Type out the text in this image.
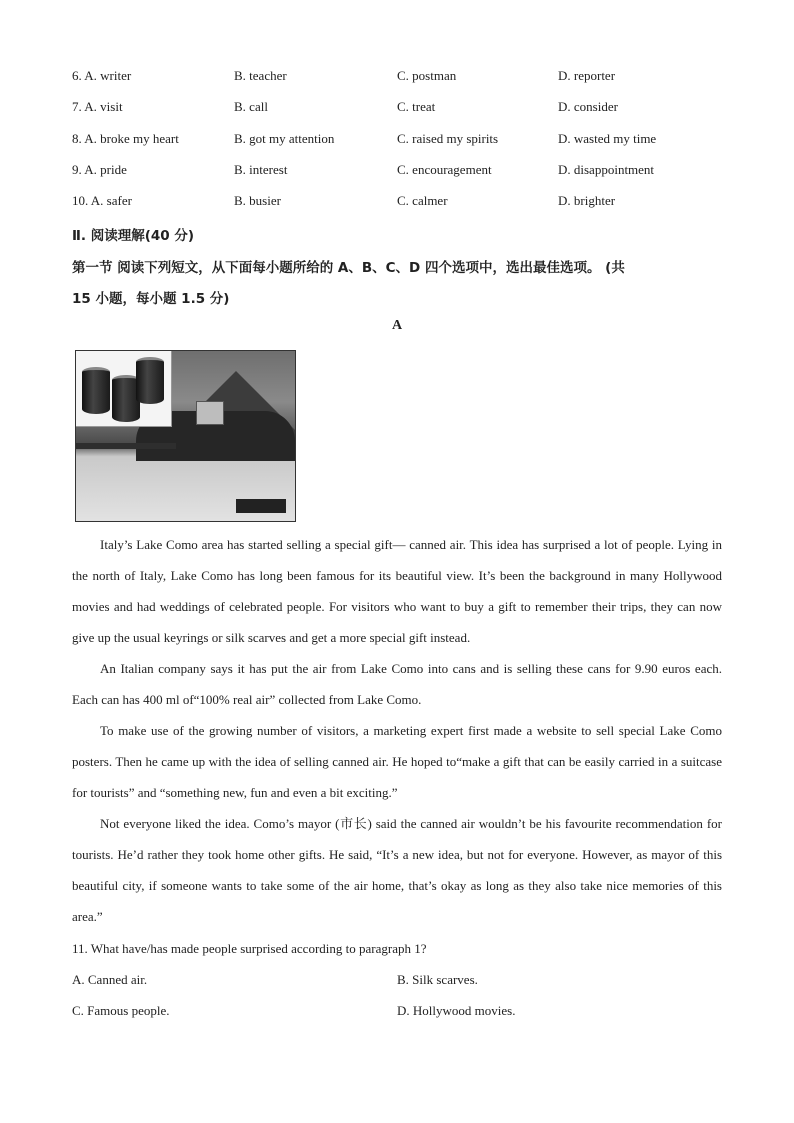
6. A. writer	B. teacher	C. postman	D. reporter
7. A. visit	B. call	C. treat	D. consider
8. A. broke my heart	B. got my attention	C. raised my spirits	D. wasted my time
9. A. pride	B. interest	C. encouragement	D. disappointment
10. A. safer	B. busier	C. calmer	D. brighter
Ⅱ. 阅读理解(40 分)
第一节 阅读下列短文，从下面每小题所给的 A、B、C、D 四个选项中，选出最佳选项。 (共
15 小题，每小题 1.5 分)
A

Italy’s Lake Como area has started selling a special gift— canned air. This idea has surprised a lot of people. Lying in the north of Italy, Lake Como has long been famous for its beautiful view. It’s been the background in many Hollywood movies and had weddings of celebrated people. For visitors who want to buy a gift to remember their trips, they can now give up the usual keyrings or silk scarves and get a more special gift instead.

An Italian company says it has put the air from Lake Como into cans and is selling these cans for 9.90 euros each. Each can has 400 ml of“100% real air” collected from Lake Como.

To make use of the growing number of visitors, a marketing expert first made a website to sell special Lake Como posters. Then he came up with the idea of selling canned air. He hoped to“make a gift that can be easily carried in a suitcase for tourists” and “something new, fun and even a bit exciting.”

Not everyone liked the idea. Como’s mayor (市长) said the canned air wouldn’t be his favourite recommendation for tourists. He’d rather they took home other gifts. He said, “It’s a new idea, but not for everyone. However, as mayor of this beautiful city, if someone wants to take some of the air home, that’s okay as long as they also take nice memories of this area.”

11. What have/has made people surprised according to paragraph 1?
A. Canned air.	B. Silk scarves.
C. Famous people.	D. Hollywood movies.
